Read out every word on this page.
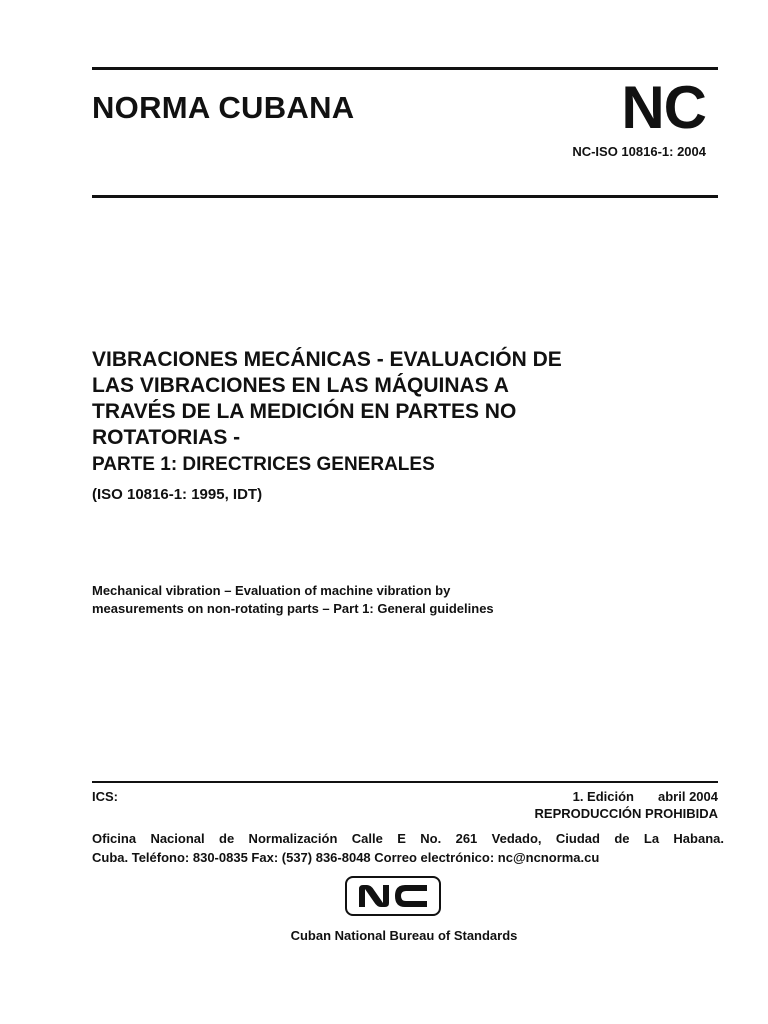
NORMA CUBANA	NC
NC-ISO 10816-1: 2004
VIBRACIONES MECÁNICAS - EVALUACIÓN DE
LAS VIBRACIONES EN LAS MÁQUINAS A
TRAVÉS DE LA MEDICIÓN EN PARTES NO
ROTATORIAS -
PARTE 1: DIRECTRICES GENERALES
(ISO 10816-1: 1995, IDT)
Mechanical vibration – Evaluation of machine vibration by
measurements on non-rotating parts – Part 1: General guidelines
ICS:	1. Edición abril 2004
REPRODUCCIÓN PROHIBIDA
Oficina Nacional de Normalización Calle E No. 261 Vedado, Ciudad de La Habana.
Cuba. Teléfono: 830-0835 Fax: (537) 836-8048 Correo electrónico: nc@ncnorma.cu
Cuban National Bureau of Standards
